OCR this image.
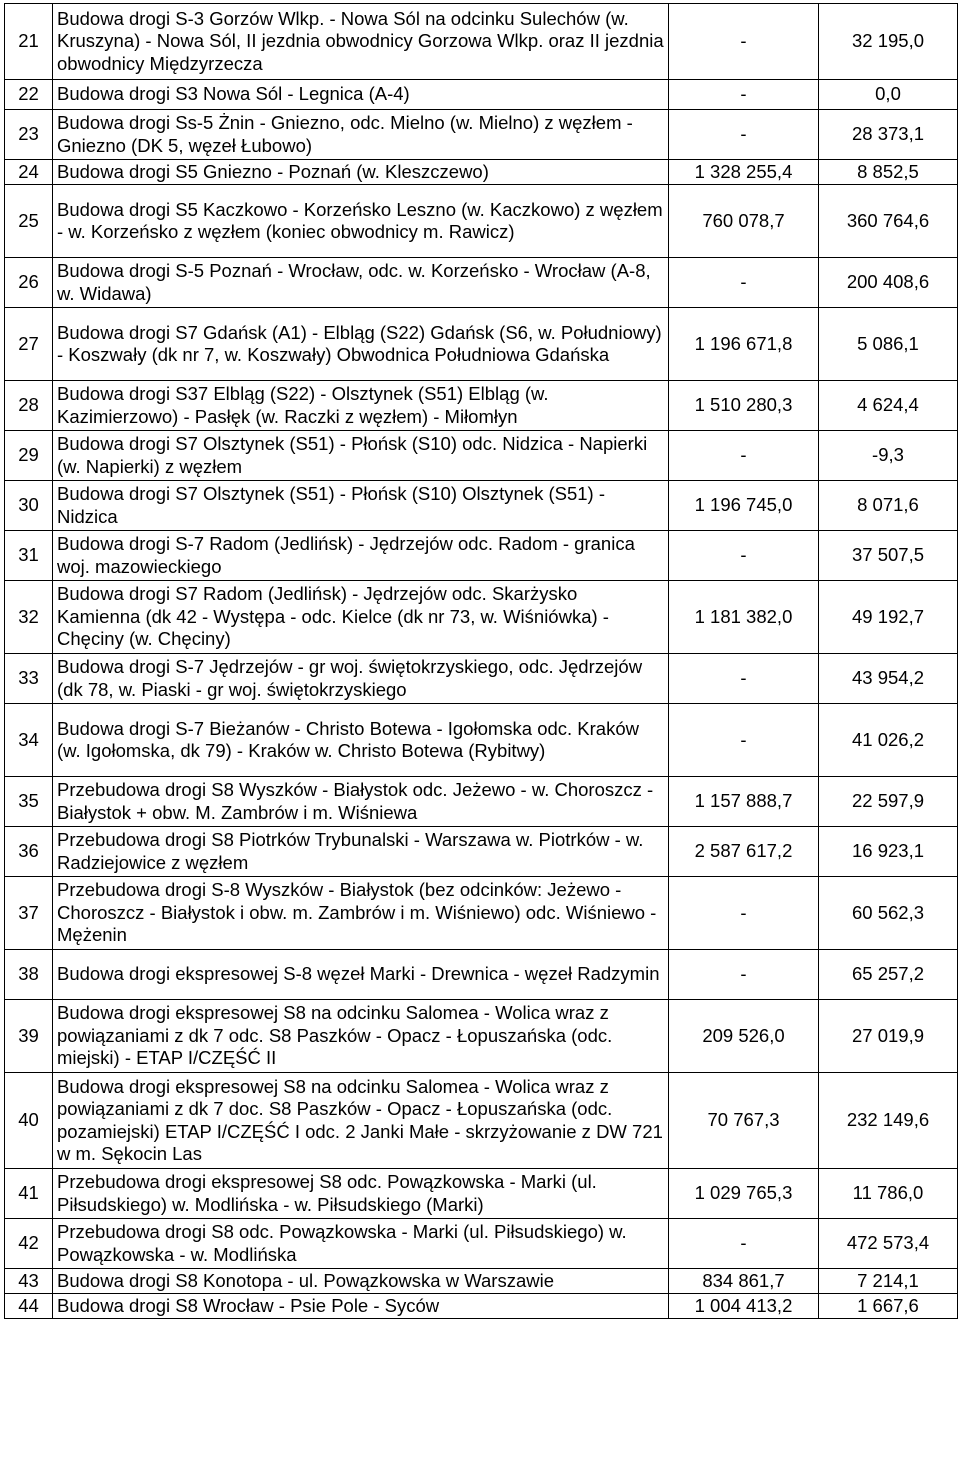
21	Budowa drogi S-3 Gorzów Wlkp. - Nowa Sól na odcinku Sulechów (w. Kruszyna) - Nowa Sól, II jezdnia obwodnicy Gorzowa Wlkp. oraz II jezdnia obwodnicy Międzyrzecza	-	32 195,0
22	Budowa drogi S3 Nowa Sól - Legnica (A-4)	-	0,0
23	Budowa drogi Ss-5 Żnin - Gniezno, odc. Mielno (w. Mielno) z węzłem - Gniezno (DK 5, węzeł Łubowo)	-	28 373,1
24	Budowa drogi S5 Gniezno - Poznań (w. Kleszczewo)	1 328 255,4	8 852,5
25	Budowa drogi S5 Kaczkowo - Korzeńsko Leszno (w. Kaczkowo) z węzłem - w. Korzeńsko z węzłem (koniec obwodnicy m. Rawicz)	760 078,7	360 764,6
26	Budowa drogi S-5 Poznań - Wrocław, odc. w. Korzeńsko - Wrocław (A-8, w. Widawa)	-	200 408,6
27	Budowa drogi S7 Gdańsk (A1) - Elbląg (S22) Gdańsk (S6, w. Południowy) - Koszwały (dk nr 7, w. Koszwały) Obwodnica Południowa Gdańska	1 196 671,8	5 086,1
28	Budowa drogi S37 Elbląg (S22) - Olsztynek (S51) Elbląg (w. Kazimierzowo) - Pasłęk (w. Raczki z węzłem) - Miłomłyn	1 510 280,3	4 624,4
29	Budowa drogi S7 Olsztynek (S51) - Płońsk (S10) odc. Nidzica - Napierki (w. Napierki) z węzłem	-	-9,3
30	Budowa drogi S7 Olsztynek (S51) - Płońsk (S10) Olsztynek (S51) - Nidzica	1 196 745,0	8 071,6
31	Budowa drogi S-7 Radom (Jedlińsk) - Jędrzejów odc. Radom - granica woj. mazowieckiego	-	37 507,5
32	Budowa drogi S7 Radom (Jedlińsk) - Jędrzejów odc. Skarżysko Kamienna (dk 42 - Występa - odc. Kielce (dk nr 73, w. Wiśniówka) - Chęciny (w. Chęciny)	1 181 382,0	49 192,7
33	Budowa drogi S-7 Jędrzejów - gr woj. świętokrzyskiego, odc. Jędrzejów (dk 78, w. Piaski - gr woj. świętokrzyskiego	-	43 954,2
34	Budowa drogi S-7 Bieżanów - Christo Botewa - Igołomska odc. Kraków (w. Igołomska, dk 79) - Kraków w. Christo Botewa (Rybitwy)	-	41 026,2
35	Przebudowa drogi S8 Wyszków - Białystok odc. Jeżewo - w. Choroszcz - Białystok + obw. M. Zambrów i m. Wiśniewa	1 157 888,7	22 597,9
36	Przebudowa drogi S8 Piotrków Trybunalski - Warszawa w. Piotrków - w. Radziejowice z węzłem	2 587 617,2	16 923,1
37	Przebudowa drogi S-8 Wyszków - Białystok (bez odcinków: Jeżewo - Choroszcz - Białystok i obw. m. Zambrów i m. Wiśniewo) odc. Wiśniewo - Mężenin	-	60 562,3
38	Budowa drogi ekspresowej S-8 węzeł Marki - Drewnica - węzeł Radzymin	-	65 257,2
39	Budowa drogi ekspresowej S8 na odcinku Salomea - Wolica wraz z powiązaniami z dk 7 odc. S8 Paszków - Opacz - Łopuszańska (odc. miejski) - ETAP I/CZĘŚĆ II	209 526,0	27 019,9
40	Budowa drogi ekspresowej S8 na odcinku Salomea - Wolica wraz z powiązaniami z dk 7 doc. S8 Paszków - Opacz - Łopuszańska (odc. pozamiejski) ETAP I/CZĘŚĆ I odc. 2 Janki Małe - skrzyżowanie z DW 721 w m. Sękocin Las	70 767,3	232 149,6
41	Przebudowa drogi ekspresowej S8 odc. Powązkowska - Marki (ul. Piłsudskiego) w. Modlińska - w. Piłsudskiego (Marki)	1 029 765,3	11 786,0
42	Przebudowa drogi S8 odc. Powązkowska - Marki (ul. Piłsudskiego) w. Powązkowska - w. Modlińska	-	472 573,4
43	Budowa drogi S8 Konotopa - ul. Powązkowska w Warszawie	834 861,7	7 214,1
44	Budowa drogi S8 Wrocław - Psie Pole - Syców	1 004 413,2	1 667,6
